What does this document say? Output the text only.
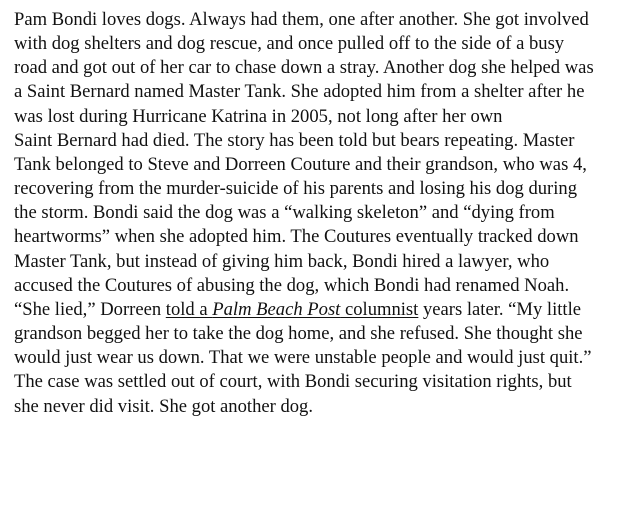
Pam Bondi loves dogs. Always had them, one after another. She got involved
with dog shelters and dog rescue, and once pulled off to the side of a busy
road and got out of her car to chase down a stray. Another dog she helped was
a Saint Bernard named Master Tank. She adopted him from a shelter after he
was lost during Hurricane Katrina in 2005, not long after her own
Saint Bernard had died. The story has been told but bears repeating. Master
Tank belonged to Steve and Dorreen Couture and their grandson, who was 4,
recovering from the murder-suicide of his parents and losing his dog during
the storm. Bondi said the dog was a “walking skeleton” and “dying from
heartworms” when she adopted him. The Coutures eventually tracked down
Master Tank, but instead of giving him back, Bondi hired a lawyer, who
accused the Coutures of abusing the dog, which Bondi had renamed Noah.
“She lied,” Dorreen told a Palm Beach Post columnist years later. “My little
grandson begged her to take the dog home, and she refused. She thought she
would just wear us down. That we were unstable people and would just quit.”
The case was settled out of court, with Bondi securing visitation rights, but
she never did visit. She got another dog.
